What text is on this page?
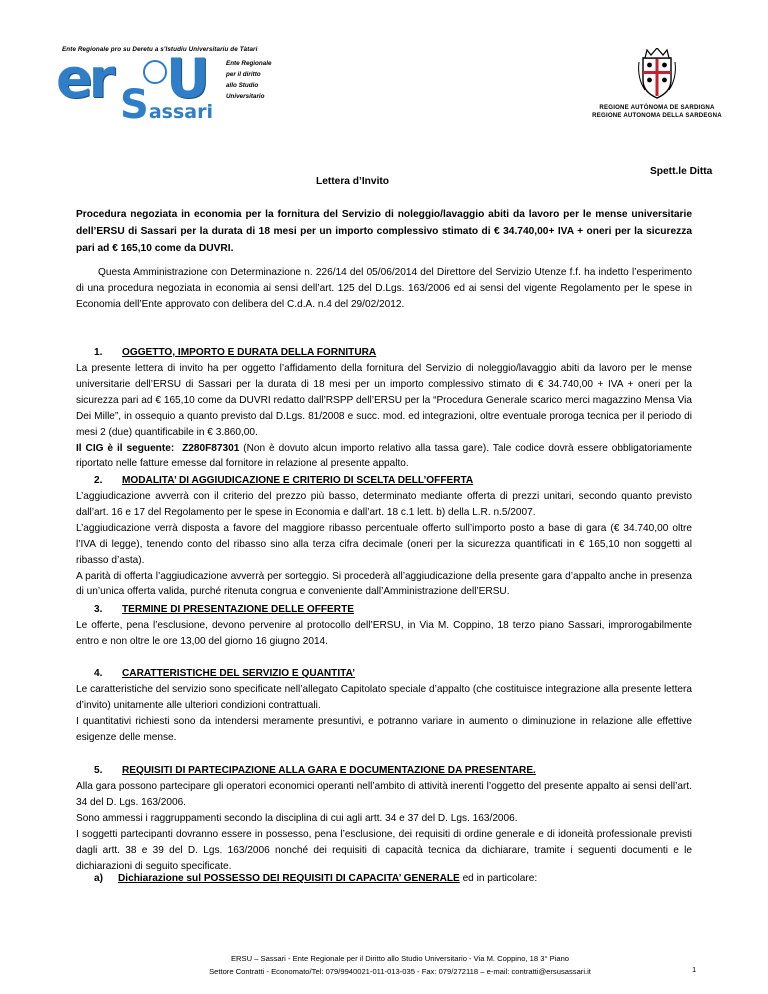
Ente Regionale pro su Deretu a s'Istudiu Universitariu de Tàtari
er U
Sassari
Ente Regionale
per il diritto
allo Studio
Universitario
REGIONE AUTÒNOMA DE SARDIGNA
REGIONE AUTONOMA DELLA SARDEGNA
Spett.le Ditta
Lettera d’Invito
Procedura negoziata in economia per la fornitura del Servizio di noleggio/lavaggio abiti da lavoro per le mense universitarie dell’ERSU di Sassari per la durata di 18 mesi per un importo complessivo stimato di € 34.740,00+ IVA + oneri per la sicurezza pari ad € 165,10 come da DUVRI.
Questa Amministrazione con Determinazione n. 226/14 del 05/06/2014 del Direttore del Servizio Utenze f.f. ha indetto l’esperimento di una procedura negoziata in economia ai sensi dell’art. 125 del D.Lgs. 163/2006 ed ai sensi del vigente Regolamento per le spese in Economia dell’Ente approvato con delibera del C.d.A. n.4 del 29/02/2012.
1. OGGETTO, IMPORTO E DURATA DELLA FORNITURA
La presente lettera di invito ha per oggetto l’affidamento della fornitura del Servizio di noleggio/lavaggio abiti da lavoro per le mense universitarie dell’ERSU di Sassari per la durata di 18 mesi per un importo complessivo stimato di € 34.740,00 + IVA + oneri per la sicurezza pari ad € 165,10 come da DUVRI redatto dall’RSPP dell’ERSU per la “Procedura Generale scarico merci magazzino Mensa Via Dei Mille”, in ossequio a quanto previsto dal D.Lgs. 81/2008 e succ. mod. ed integrazioni, oltre eventuale proroga tecnica per il periodo di mesi 2 (due) quantificabile in € 3.860,00.
Il CIG è il seguente: Z280F87301 (Non è dovuto alcun importo relativo alla tassa gare). Tale codice dovrà essere obbligatoriamente riportato nelle fatture emesse dal fornitore in relazione al presente appalto.
2. MODALITA’ DI AGGIUDICAZIONE E CRITERIO DI SCELTA DELL’OFFERTA
L’aggiudicazione avverrà con il criterio del prezzo più basso, determinato mediante offerta di prezzi unitari, secondo quanto previsto dall’art. 16 e 17 del Regolamento per le spese in Economia e dall’art. 18 c.1 lett. b) della L.R. n.5/2007.
L’aggiudicazione verrà disposta a favore del maggiore ribasso percentuale offerto sull’importo posto a base di gara (€ 34.740,00 oltre l’IVA di legge), tenendo conto del ribasso sino alla terza cifra decimale (oneri per la sicurezza quantificati in € 165,10 non soggetti al ribasso d’asta).
A parità di offerta l’aggiudicazione avverrà per sorteggio. Si procederà all’aggiudicazione della presente gara d’appalto anche in presenza di un’unica offerta valida, purché ritenuta congrua e conveniente dall’Amministrazione dell’ERSU.
3. TERMINE DI PRESENTAZIONE DELLE OFFERTE
Le offerte, pena l’esclusione, devono pervenire al protocollo dell’ERSU, in Via M. Coppino, 18 terzo piano Sassari, improrogabilmente entro e non oltre le ore 13,00 del giorno 16 giugno 2014.
4. CARATTERISTICHE DEL SERVIZIO E QUANTITA’
Le caratteristiche del servizio sono specificate nell’allegato Capitolato speciale d’appalto (che costituisce integrazione alla presente lettera d’invito) unitamente alle ulteriori condizioni contrattuali.
I quantitativi richiesti sono da intendersi meramente presuntivi, e potranno variare in aumento o diminuzione in relazione alle effettive esigenze delle mense.
5. REQUISITI DI PARTECIPAZIONE ALLA GARA E DOCUMENTAZIONE DA PRESENTARE.
Alla gara possono partecipare gli operatori economici operanti nell’ambito di attività inerenti l’oggetto del presente appalto ai sensi dell’art. 34 del D. Lgs. 163/2006.
Sono ammessi i raggruppamenti secondo la disciplina di cui agli artt. 34 e 37 del D. Lgs. 163/2006.
I soggetti partecipanti dovranno essere in possesso, pena l’esclusione, dei requisiti di ordine generale e di idoneità professionale previsti dagli artt. 38 e 39 del D. Lgs. 163/2006 nonché dei requisiti di capacità tecnica da dichiarare, tramite i seguenti documenti e le dichiarazioni di seguito specificate.
a) Dichiarazione sul POSSESSO DEI REQUISITI DI CAPACITA’ GENERALE ed in particolare:
ERSU – Sassari - Ente Regionale per il Diritto allo Studio Universitario - Via M. Coppino, 18 3° Piano
Settore Contratti - Economato/Tel: 079/9940021-011-013-035 - Fax: 079/272118 – e-mail: contratti@ersusassari.it	1
